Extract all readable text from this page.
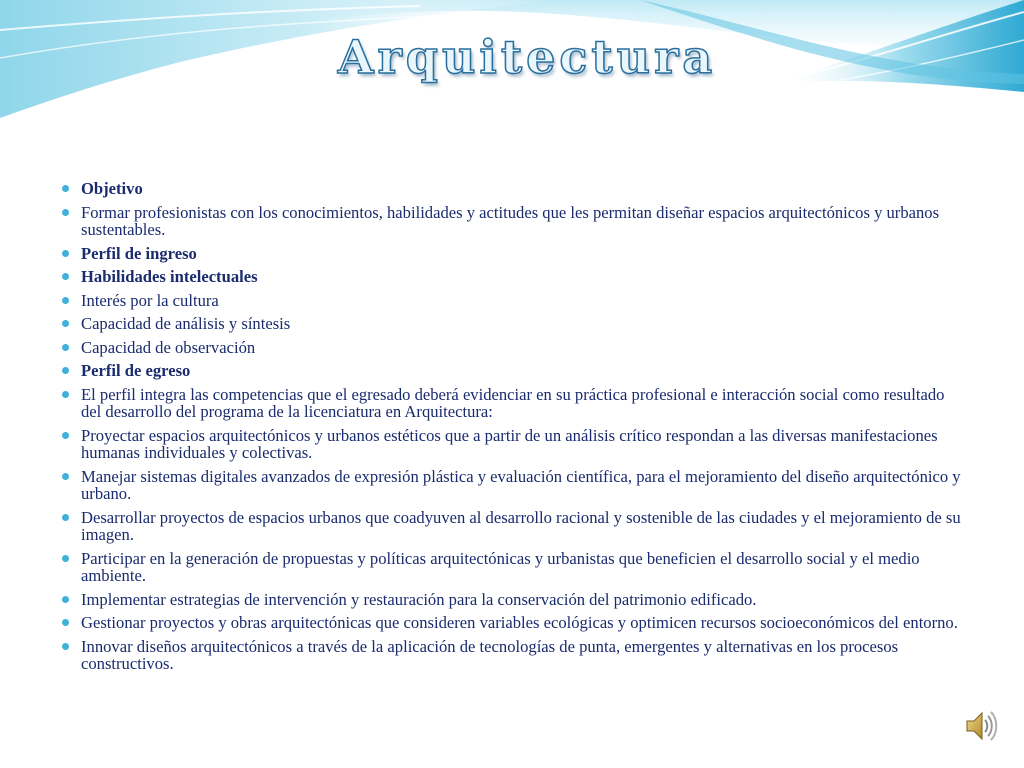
Arquitectura
Objetivo
Formar profesionistas con los conocimientos, habilidades y actitudes que les permitan diseñar espacios arquitectónicos y urbanos sustentables.
Perfil de ingreso
Habilidades intelectuales
Interés por la cultura
Capacidad de análisis y síntesis
Capacidad de observación
Perfil de egreso
El perfil integra las competencias que el egresado deberá evidenciar en su práctica profesional e interacción social como resultado del desarrollo del programa de la licenciatura en Arquitectura:
Proyectar espacios arquitectónicos y urbanos estéticos que a partir de un análisis crítico respondan a las diversas manifestaciones humanas individuales y colectivas.
Manejar sistemas digitales avanzados de expresión plástica y evaluación científica, para el mejoramiento del diseño arquitectónico y urbano.
Desarrollar proyectos de espacios urbanos que coadyuven al desarrollo racional y sostenible de las ciudades y el mejoramiento de su imagen.
Participar en la generación de propuestas y políticas arquitectónicas y urbanistas que beneficien el desarrollo social y el medio ambiente.
Implementar estrategias de intervención y restauración para la conservación del patrimonio edificado.
Gestionar proyectos y obras arquitectónicas que consideren variables ecológicas y optimicen recursos socioeconómicos del entorno.
Innovar diseños arquitectónicos a través de la aplicación de tecnologías de punta, emergentes y alternativas en los procesos constructivos.
